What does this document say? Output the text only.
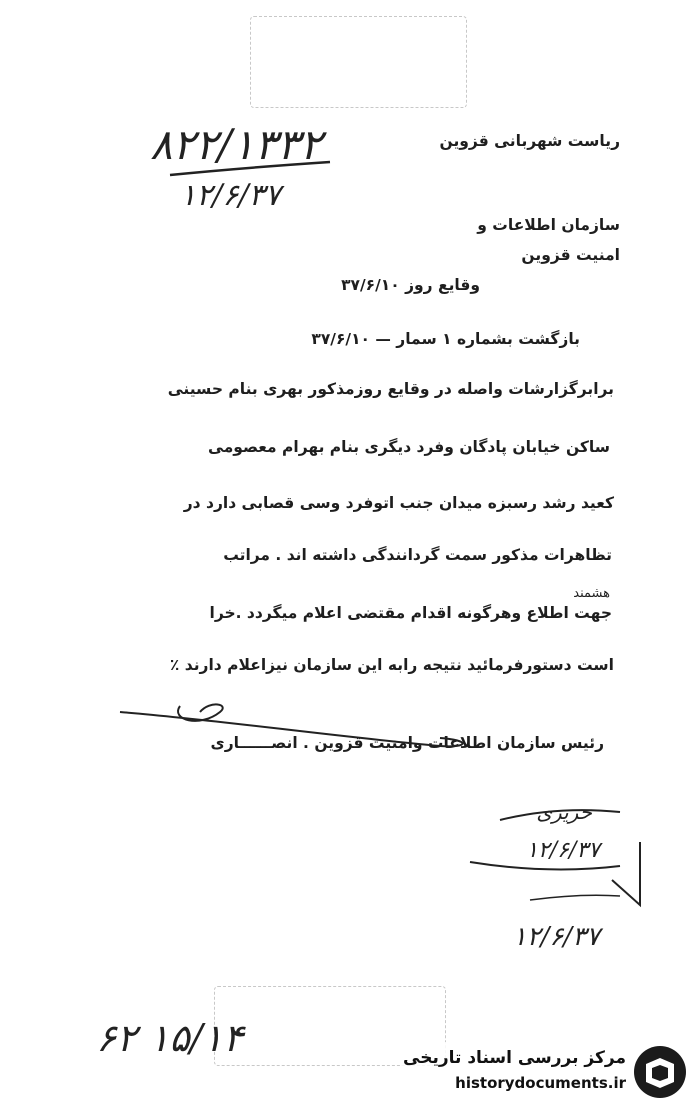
۸۲۲/۱۳۳۲
۱۲/۶/۳۷
ریاست شهربانی قزوین
سازمان اطلاعات و
امنیت قزوین
وقایع روز ۳۷/۶/۱۰
بازگشت بشماره ۱ سمار — ۳۷/۶/۱۰
برابرگزارشات واصله در وقایع روزمذکور بهری بنام حسینی
ساکن خیابان پادگان وفرد دیگری بنام بهرام معصومی
کعید رشد رسبزه میدان جنب اتوفرد وسی قصابی دارد در
تظاهرات مذکور سمت گردانندگی داشته اند . مراتب
هشمند
جهت اطلاع وهرگونه اقدام مقتضی اعلام میگردد .خرا
است دستورفرمائید نتیجه رابه این سازمان نیزاعلام دارند ٪
رئیس سازمان اطلاعات وامنیت قزوین . انصــــــاری
حریری
۱۲/۶/۳۷
۱۲/۶/۳۷
۶۲ ۱۵/۱۴	مرکز بررسی اسناد تاریخی
historydocuments.ir
